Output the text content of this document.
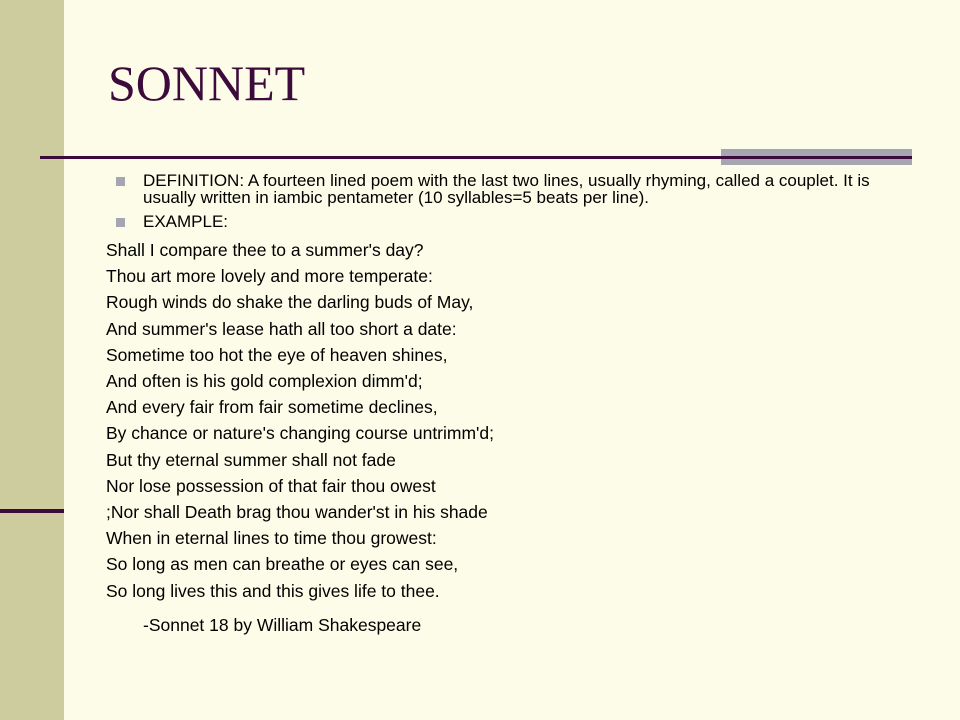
SONNET
DEFINITION: A fourteen lined poem with the last two lines, usually rhyming, called a couplet. It is usually written in iambic pentameter (10 syllables=5 beats per line).
EXAMPLE:
Shall I compare thee to a summer's day?
Thou art more lovely and more temperate:
Rough winds do shake the darling buds of May,
And summer's lease hath all too short a date:
Sometime too hot the eye of heaven shines,
And often is his gold complexion dimm'd;
And every fair from fair sometime declines,
By chance or nature's changing course untrimm'd;
But thy eternal summer shall not fade
Nor lose possession of that fair thou owest
;Nor shall Death brag thou wander'st in his shade
When in eternal lines to time thou growest:
So long as men can breathe or eyes can see,
So long lives this and this gives life to thee.
-Sonnet 18 by William Shakespeare
